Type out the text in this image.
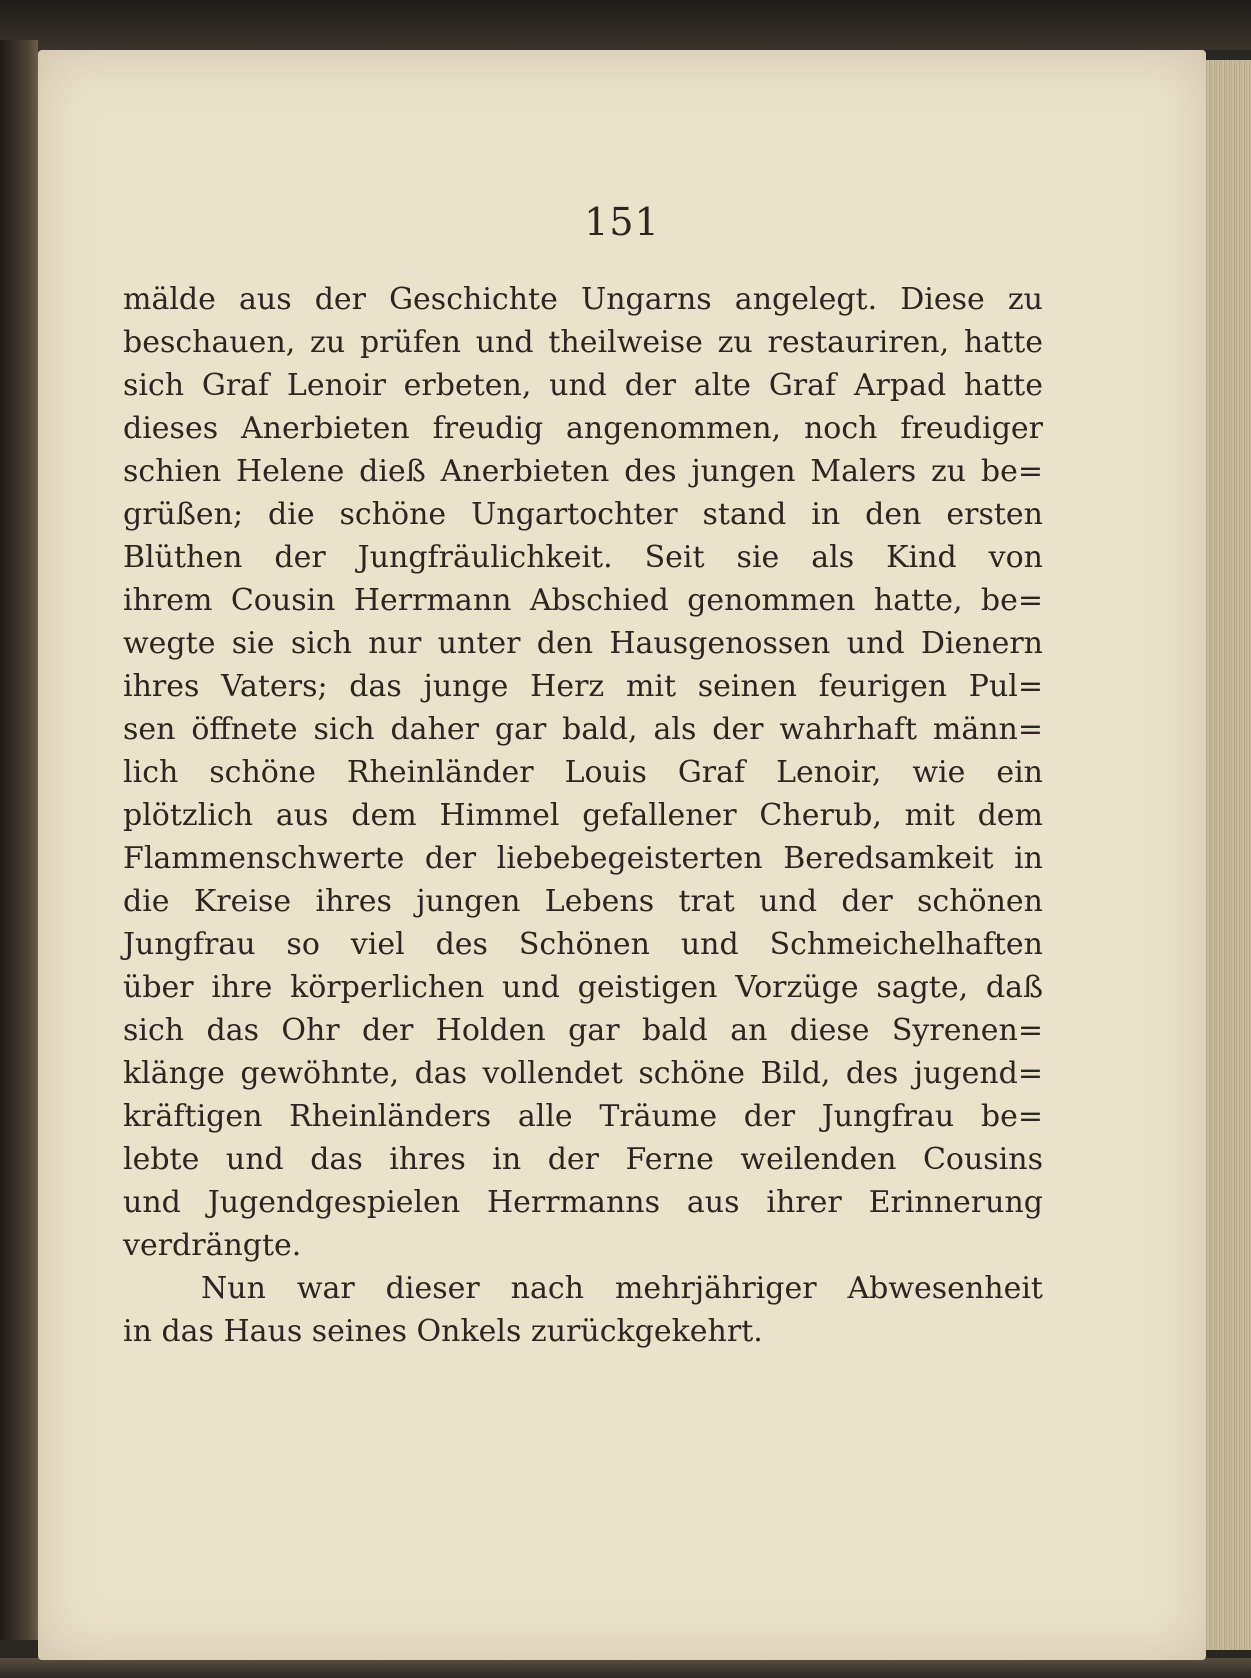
151
mälde aus der Geschichte Ungarns angelegt. Diese zu
beschauen, zu prüfen und theilweise zu restauriren, hatte
sich Graf Lenoir erbeten, und der alte Graf Arpad hatte
dieses Anerbieten freudig angenommen, noch freudiger
schien Helene dieß Anerbieten des jungen Malers zu be=
grüßen; die schöne Ungartochter stand in den ersten
Blüthen der Jungfräulichkeit. Seit sie als Kind von
ihrem Cousin Herrmann Abschied genommen hatte, be=
wegte sie sich nur unter den Hausgenossen und Dienern
ihres Vaters; das junge Herz mit seinen feurigen Pul=
sen öffnete sich daher gar bald, als der wahrhaft männ=
lich schöne Rheinländer Louis Graf Lenoir, wie ein
plötzlich aus dem Himmel gefallener Cherub, mit dem
Flammenschwerte der liebebegeisterten Beredsamkeit in
die Kreise ihres jungen Lebens trat und der schönen
Jungfrau so viel des Schönen und Schmeichelhaften
über ihre körperlichen und geistigen Vorzüge sagte, daß
sich das Ohr der Holden gar bald an diese Syrenen=
klänge gewöhnte, das vollendet schöne Bild, des jugend=
kräftigen Rheinländers alle Träume der Jungfrau be=
lebte und das ihres in der Ferne weilenden Cousins
und Jugendgespielen Herrmanns aus ihrer Erinnerung
verdrängte.
Nun war dieser nach mehrjähriger Abwesenheit
in das Haus seines Onkels zurückgekehrt.
